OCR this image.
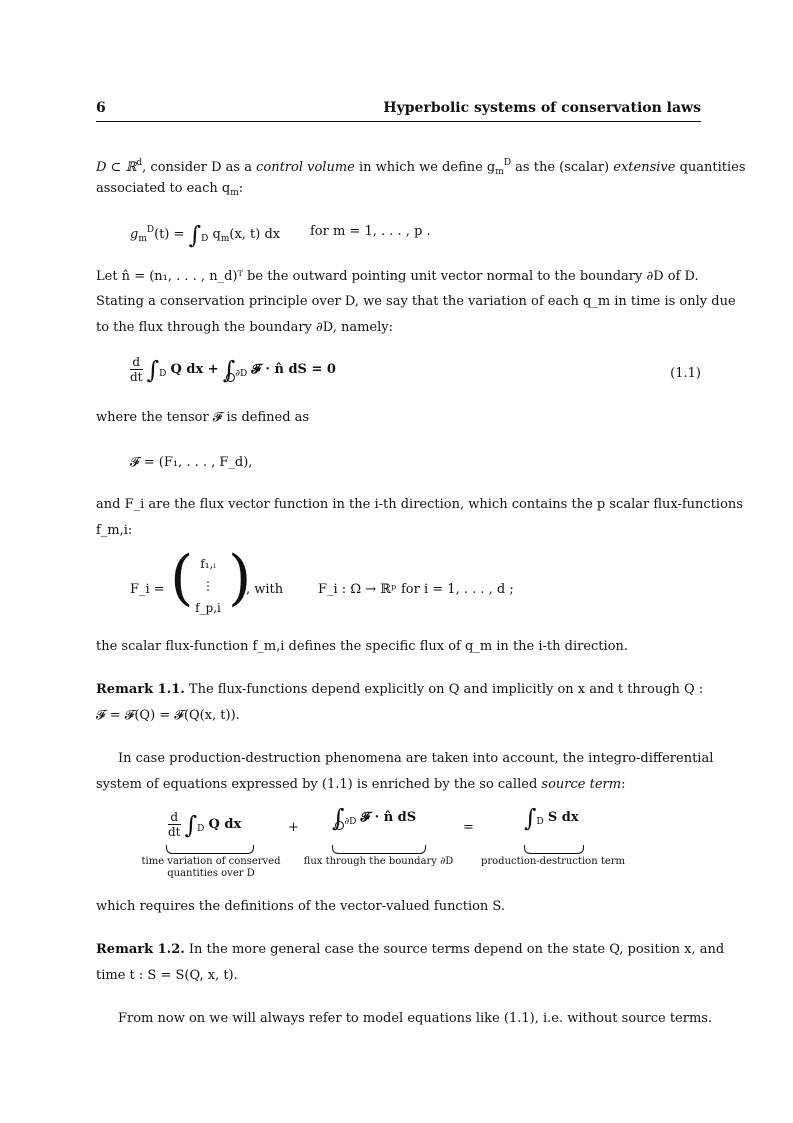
6	Hyperbolic systems of conservation laws
D ⊂ ℝ$^d$, consider D as a control volume in which we define $g_m^D$ as the (scalar) extensive quantities
associated to each $q_m$:
$g_m^D(t) = \int_D$ $q_m(x$, t) dx for m = 1, . . . , p .
Let n̂ = (n₁, . . . , n_d)ᵀ be the outward pointing unit vector normal to the boundary ∂D of D.
Stating a conservation principle over D, we say that the variation of each q_m in time is only due
to the flux through the boundary ∂D, namely:
$\frac{d}{dt} \int_D$ Q dx + $\int_{\partial D}$ 𝓕 · n̂ dS = 0	(1.1)
where the tensor 𝓕 is defined as
𝓕 = (F₁, . . . , F_d),
and F_i are the flux vector function in the i-th direction, which contains the p scalar flux-functions
f_m,i:
F_i = ( f₁,ᵢ
⋮
f_p,i )
, with	F_i : Ω → ℝᵖ for i = 1, . . . , d ;
the scalar flux-function f_m,i defines the specific flux of q_m in the i-th direction.
Remark 1.1. The flux-functions depend explicitly on Q and implicitly on x and t through Q :
𝓕 = 𝓕(Q) = 𝓕(Q(x, t)).
In case production-destruction phenomena are taken into account, the integro-differential
system of equations expressed by (1.1) is enriched by the so called source term:
$\frac{d}{dt} \int_D$ Q dx	+ $\int_{\partial D}$ 𝓕 · n̂ dS
= $\int_D$ S dx
time variation of conserved
quantities over D
flux through the boundary ∂D	production-destruction term
which requires the definitions of the vector-valued function S.
Remark 1.2. In the more general case the source terms depend on the state Q, position x, and
time t : S = S(Q, x, t).
From now on we will always refer to model equations like (1.1), i.e. without source terms.
